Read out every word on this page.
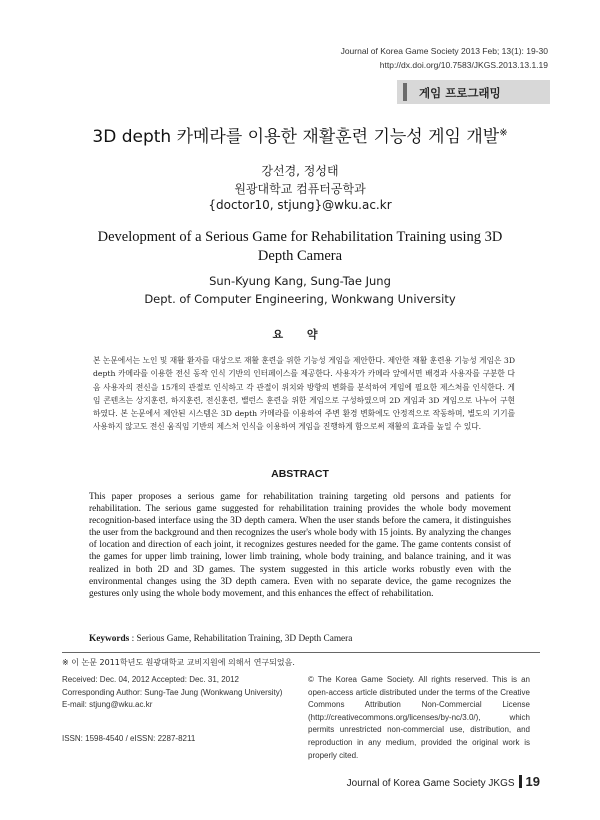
Journal of Korea Game Society 2013 Feb; 13(1): 19-30
http://dx.doi.org/10.7583/JKGS.2013.13.1.19
게임 프로그래밍
3D depth 카메라를 이용한 재활훈련 기능성 게임 개발※
강선경, 정성태
원광대학교 컴퓨터공학과
{doctor10, stjung}@wku.ac.kr
Development of a Serious Game for Rehabilitation Training using 3D Depth Camera
Sun-Kyung Kang, Sung-Tae Jung
Dept. of Computer Engineering, Wonkwang University
요 약
본 논문에서는 노인 및 재활 환자를 대상으로 재활 훈련을 위한 기능성 게임을 제안한다. 제안한 재활 훈련용 기능성 게임은 3D depth 카메라를 이용한 전신 동작 인식 기반의 인터페이스를 제공한다. 사용자가 카메라 앞에서면 배경과 사용자를 구분한 다음 사용자의 전신을 15개의 관절로 인식하고 각 관절이 위치와 방향의 변화를 분석하여 게임에 필요한 제스처를 인식한다. 게임 콘텐츠는 상지훈련, 하지훈련, 전신훈련, 밸런스 훈련을 위한 게임으로 구성하였으며 2D 게임과 3D 게임으로 나누어 구현하였다. 본 논문에서 제안된 시스템은 3D depth 카메라를 이용하여 주변 환경 변화에도 안정적으로 작동하며, 별도의 기기를 사용하지 않고도 전신 움직임 기반의 제스처 인식을 이용하여 게임을 진행하게 함으로써 재활의 효과를 높일 수 있다.
ABSTRACT
This paper proposes a serious game for rehabilitation training targeting old persons and patients for rehabilitation. The serious game suggested for rehabilitation training provides the whole body movement recognition-based interface using the 3D depth camera. When the user stands before the camera, it distinguishes the user from the background and then recognizes the user's whole body with 15 joints. By analyzing the changes of location and direction of each joint, it recognizes gestures needed for the game. The game contents consist of the games for upper limb training, lower limb training, whole body training, and balance training, and it was realized in both 2D and 3D games. The system suggested in this article works robustly even with the environmental changes using the 3D depth camera. Even with no separate device, the game recognizes the gestures only using the whole body movement, and this enhances the effect of rehabilitation.
Keywords : Serious Game, Rehabilitation Training, 3D Depth Camera
※ 이 논문 2011학년도 원광대학교 교비지원에 의해서 연구되었음.
Received: Dec. 04, 2012 Accepted: Dec. 31, 2012
Corresponding Author: Sung-Tae Jung (Wonkwang University)
E-mail: stjung@wku.ac.kr
ISSN: 1598-4540 / eISSN: 2287-8211
© The Korea Game Society. All rights reserved. This is an open-access article distributed under the terms of the Creative Commons Attribution Non-Commercial License (http://creativecommons.org/licenses/by-nc/3.0/), which permits unrestricted non-commercial use, distribution, and reproduction in any medium, provided the original work is properly cited.
Journal of Korea Game Society JKGS 19
